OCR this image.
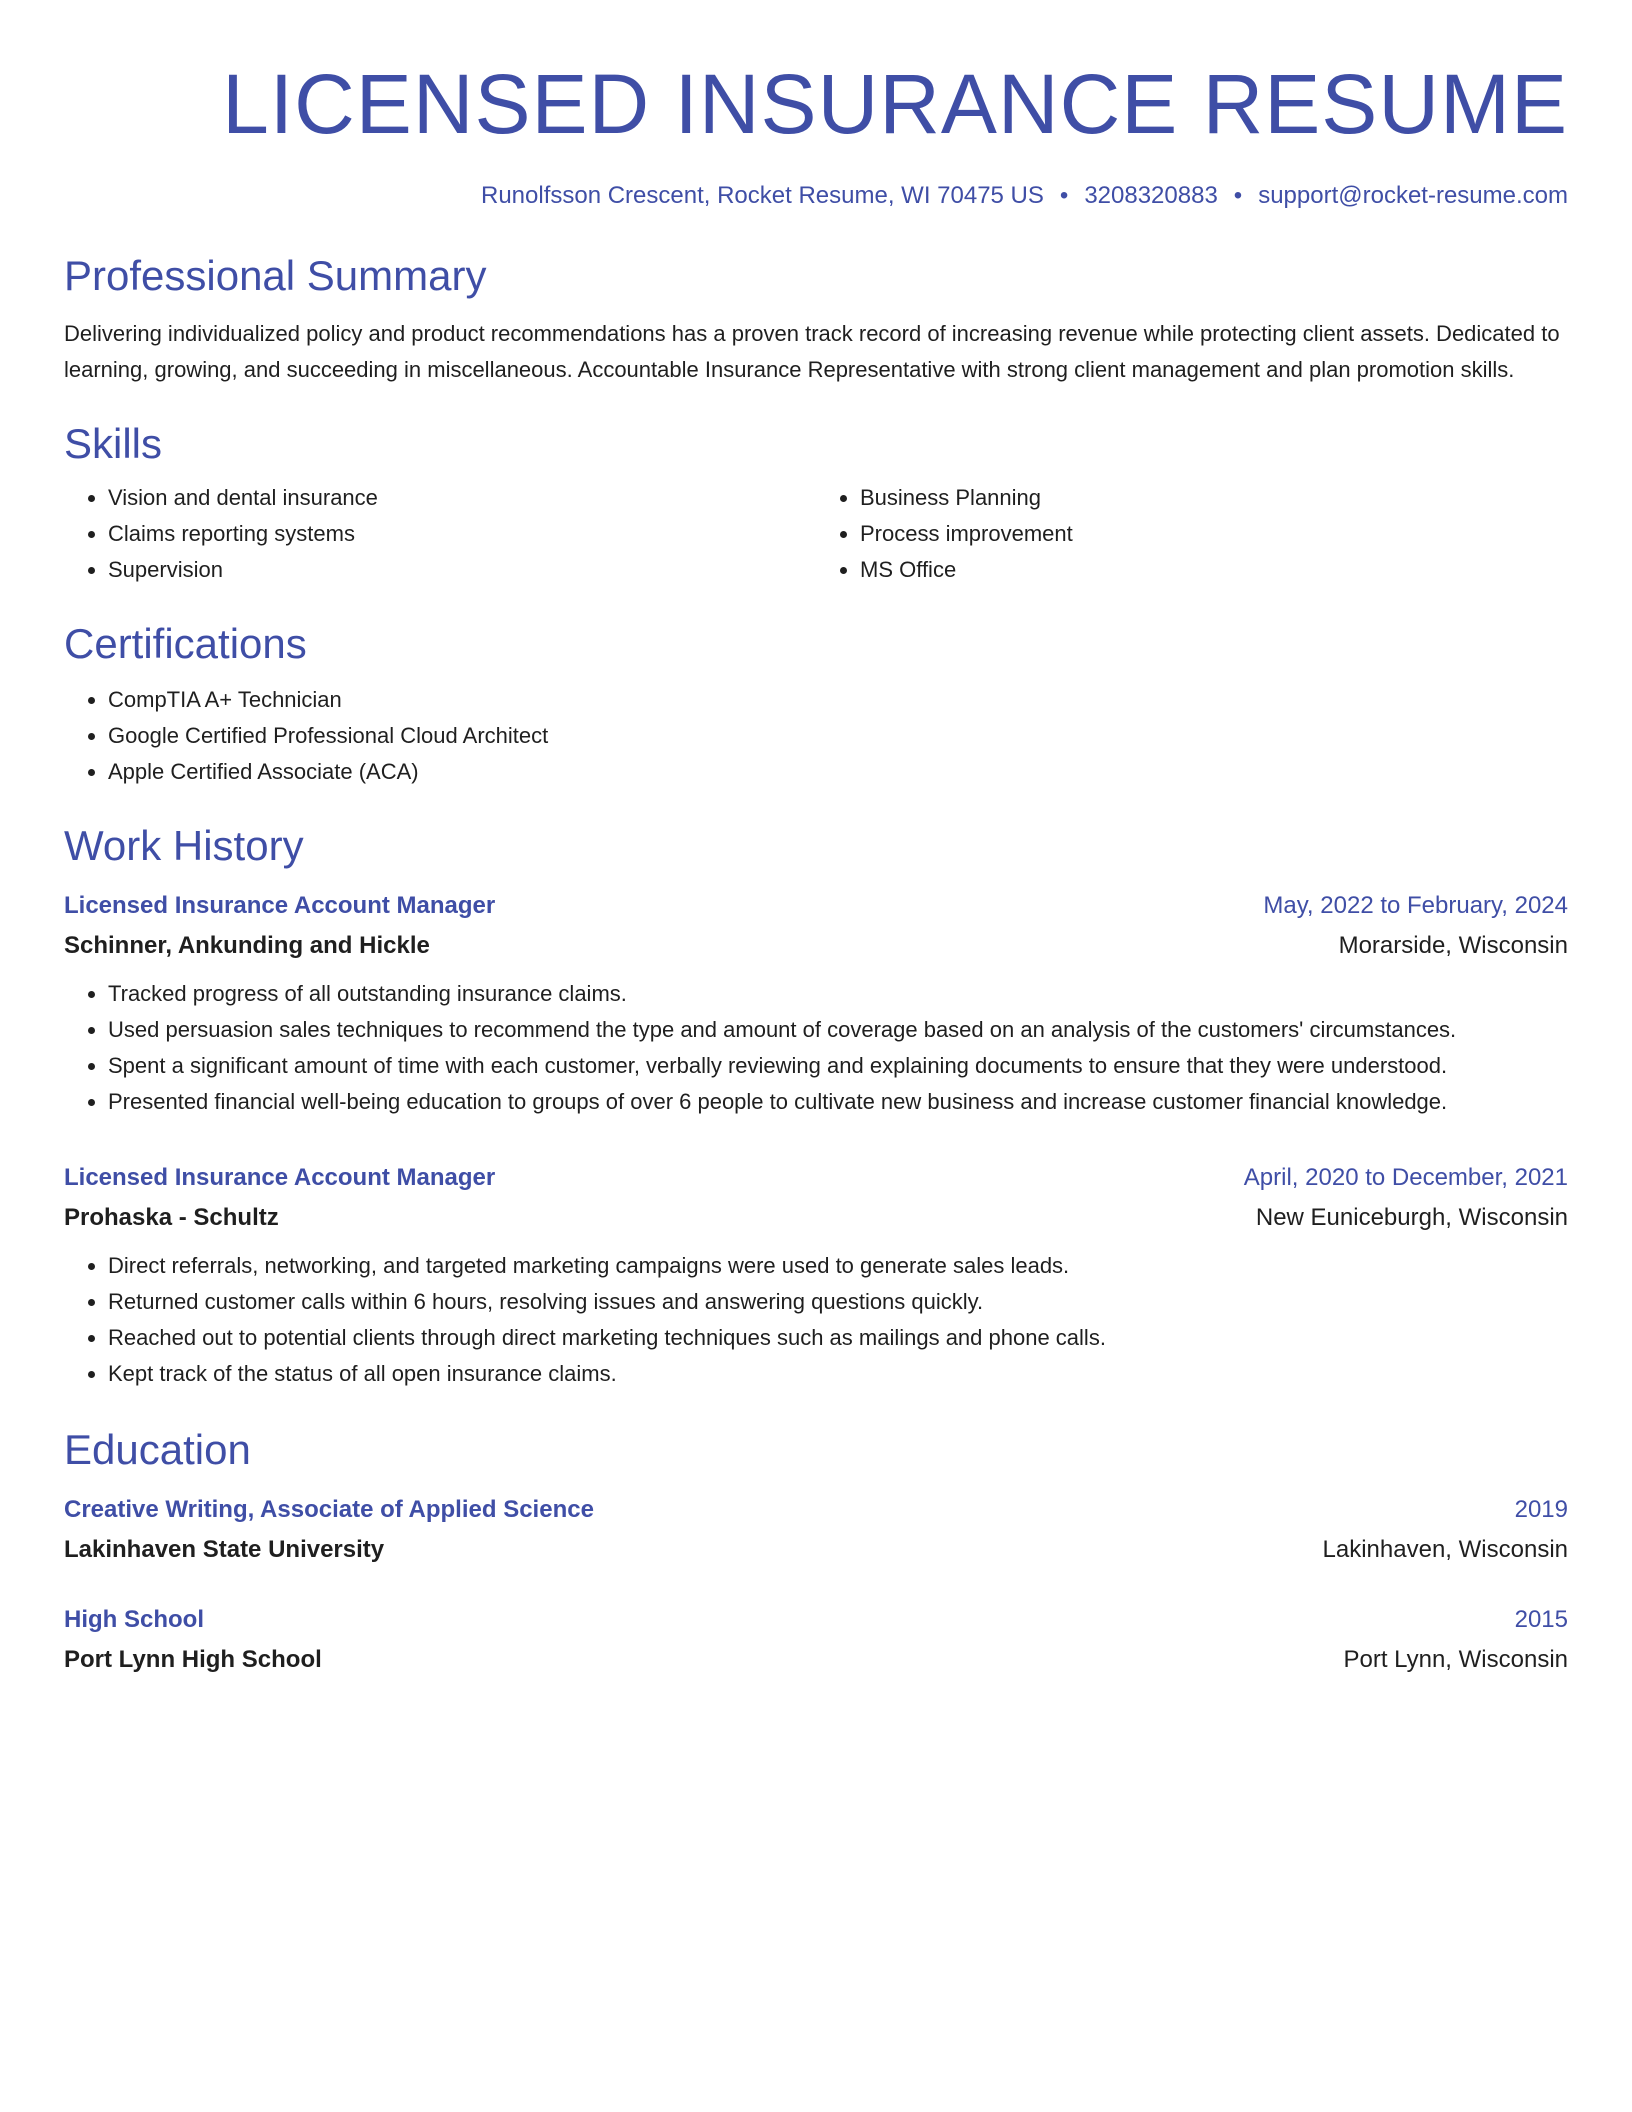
LICENSED INSURANCE RESUME
Runolfsson Crescent, Rocket Resume, WI 70475 US • 3208320883 • support@rocket-resume.com
Professional Summary

Delivering individualized policy and product recommendations has a proven track record of increasing revenue while protecting client assets. Dedicated to learning, growing, and succeeding in miscellaneous. Accountable Insurance Representative with strong client management and plan promotion skills.

Skills
• Vision and dental insurance
• Claims reporting systems
• Supervision
• Business Planning
• Process improvement
• MS Office
Certifications
• CompTIA A+ Technician
• Google Certified Professional Cloud Architect
• Apple Certified Associate (ACA)
Work History
Licensed Insurance Account Manager	May, 2022 to February, 2024
Schinner, Ankunding and Hickle	Morarside, Wisconsin
• Tracked progress of all outstanding insurance claims.
• Used persuasion sales techniques to recommend the type and amount of coverage based on an analysis of the customers' circumstances.
• Spent a significant amount of time with each customer, verbally reviewing and explaining documents to ensure that they were understood.
• Presented financial well-being education to groups of over 6 people to cultivate new business and increase customer financial knowledge.
Licensed Insurance Account Manager	April, 2020 to December, 2021
Prohaska - Schultz	New Euniceburgh, Wisconsin
• Direct referrals, networking, and targeted marketing campaigns were used to generate sales leads.
• Returned customer calls within 6 hours, resolving issues and answering questions quickly.
• Reached out to potential clients through direct marketing techniques such as mailings and phone calls.
• Kept track of the status of all open insurance claims.
Education
Creative Writing, Associate of Applied Science	2019
Lakinhaven State University	Lakinhaven, Wisconsin
High School	2015
Port Lynn High School	Port Lynn, Wisconsin
